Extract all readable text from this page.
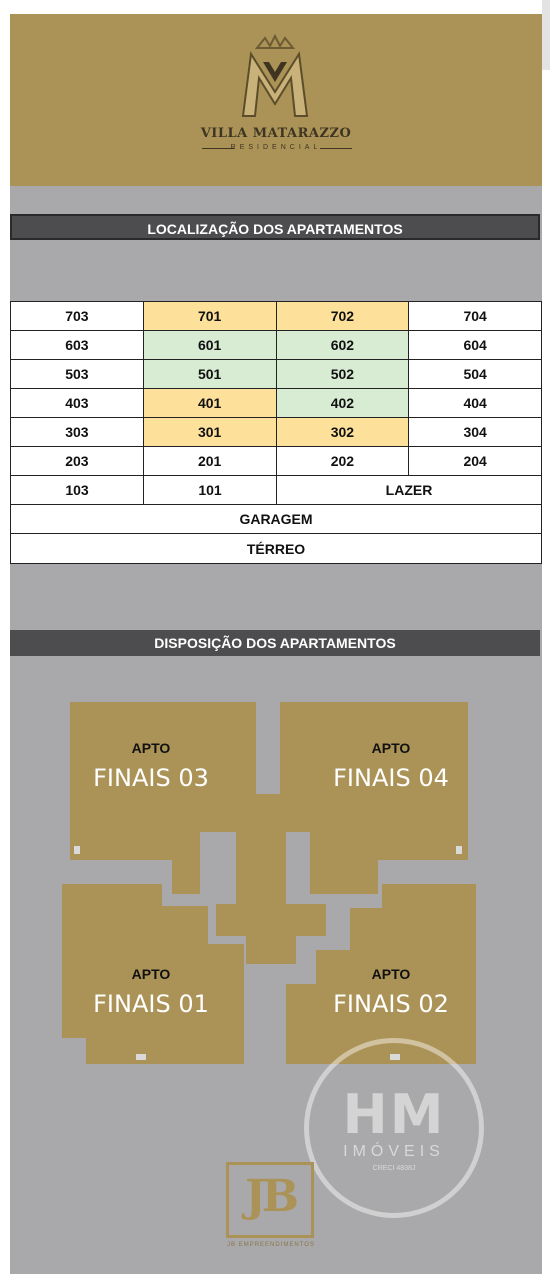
VILLA MATARAZZO
RESIDENCIAL
LOCALIZAÇÃO DOS APARTAMENTOS
703	701	702	704
603	601	602	604
503	501	502	504
403	401	402	404
303	301	302	304
203	201	202	204
103	101	LAZER
GARAGEM
TÉRREO
DISPOSIÇÃO DOS APARTAMENTOS
APTO
FINAIS 03
APTO
FINAIS 04
APTO
FINAIS 01
APTO
FINAIS 02
HM
IMÓVEIS
CRECI 4838J
JB
JB EMPREENDIMENTOS
